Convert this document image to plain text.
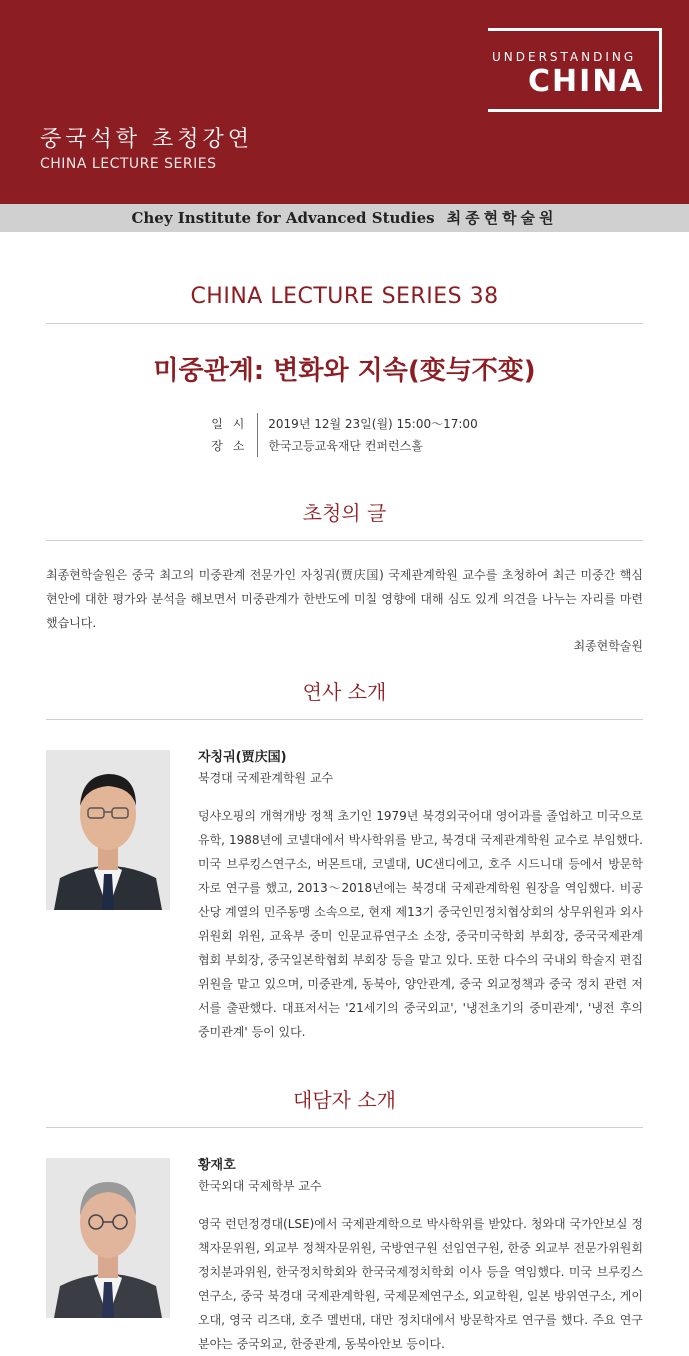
UNDERSTANDING
CHINA
중국석학 초청강연
CHINA LECTURE SERIES
Chey Institute for Advanced Studies 최종현학술원
CHINA LECTURE SERIES 38
미중관계: 변화와 지속(变与不变)
일 시
장 소
2019년 12월 23일(월) 15:00～17:00
한국고등교육재단 컨퍼런스홀
초청의 글
최종현학술원은 중국 최고의 미중관계 전문가인 자칭궈(贾庆国) 국제관계학원 교수를 초청하여 최근 미중간 핵심 현안에 대한 평가와 분석을 해보면서 미중관계가 한반도에 미칠 영향에 대해 심도 있게 의견을 나누는 자리를 마련했습니다.
최종현학술원
연사 소개
자칭궈(贾庆国)
북경대 국제관계학원 교수
덩샤오핑의 개혁개방 정책 초기인 1979년 북경외국어대 영어과를 졸업하고 미국으로 유학, 1988년에 코넬대에서 박사학위를 받고, 북경대 국제관계학원 교수로 부임했다. 미국 브루킹스연구소, 버몬트대, 코넬대, UC샌디에고, 호주 시드니대 등에서 방문학자로 연구를 했고, 2013～2018년에는 북경대 국제관계학원 원장을 역임했다. 비공산당 계열의 민주동맹 소속으로, 현재 제13기 중국인민정치협상회의 상무위원과 외사위원회 위원, 교육부 중미 인문교류연구소 소장, 중국미국학회 부회장, 중국국제관계협회 부회장, 중국일본학협회 부회장 등을 맡고 있다. 또한 다수의 국내외 학술지 편집위원을 맡고 있으며, 미중관계, 동북아, 양안관계, 중국 외교정책과 중국 정치 관련 저서를 출판했다. 대표저서는 '21세기의 중국외교', '냉전초기의 중미관계', '냉전 후의 중미관계' 등이 있다.
대담자 소개
황재호
한국외대 국제학부 교수
영국 런던정경대(LSE)에서 국제관계학으로 박사학위를 받았다. 청와대 국가안보실 정책자문위원, 외교부 정책자문위원, 국방연구원 선임연구원, 한중 외교부 전문가위원회 정치분과위원, 한국정치학회와 한국국제정치학회 이사 등을 역임했다. 미국 브루킹스연구소, 중국 북경대 국제관계학원, 국제문제연구소, 외교학원, 일본 방위연구소, 게이오대, 영국 리즈대, 호주 멜번대, 대만 정치대에서 방문학자로 연구를 했다. 주요 연구분야는 중국외교, 한중관계, 동북아안보 등이다.
